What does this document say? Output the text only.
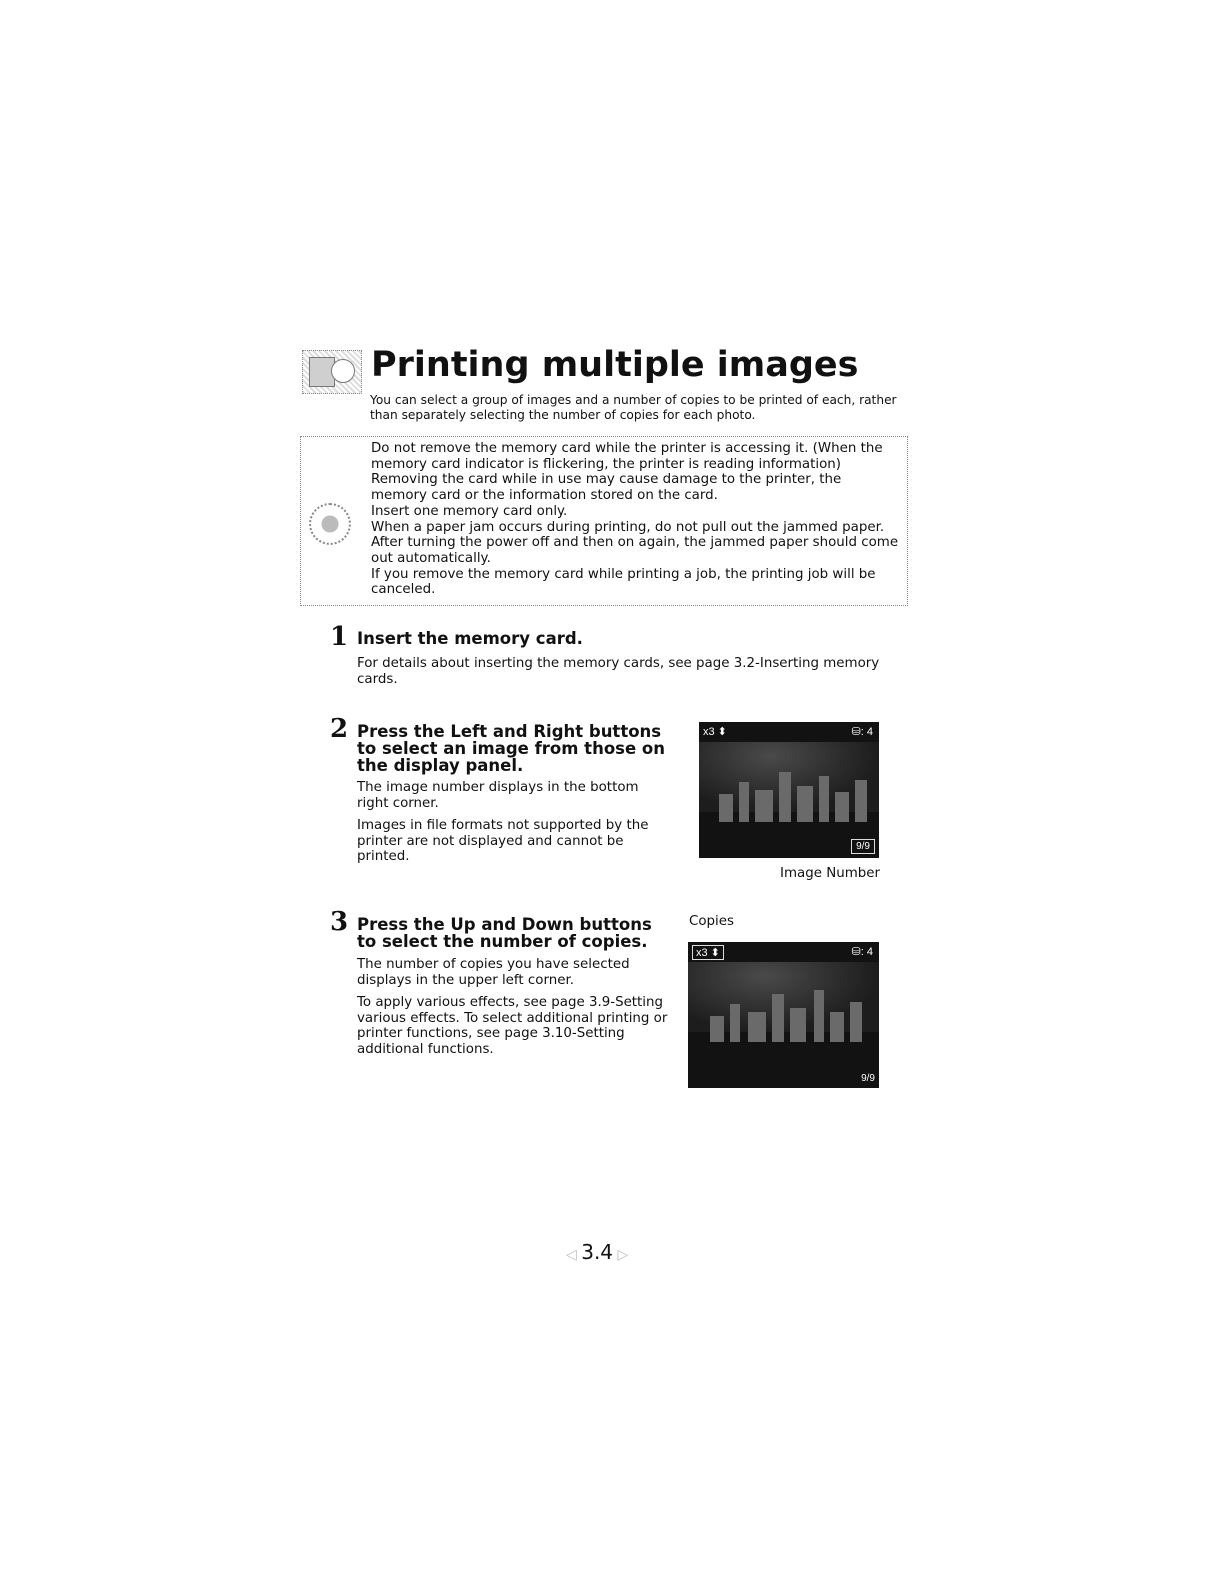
Printing multiple images

You can select a group of images and a number of copies to be printed of each, rather than separately selecting the number of copies for each photo.

Do not remove the memory card while the printer is accessing it. (When the memory card indicator is flickering, the printer is reading information) Removing the card while in use may cause damage to the printer, the memory card or the information stored on the card.
Insert one memory card only.
When a paper jam occurs during printing, do not pull out the jammed paper. After turning the power off and then on again, the jammed paper should come out automatically.
If you remove the memory card while printing a job, the printing job will be canceled.

1 Insert the memory card.

For details about inserting the memory cards, see page 3.2-Inserting memory cards.

2 Press the Left and Right buttons to select an image from those on the display panel.

The image number displays in the bottom right corner.

Images in file formats not supported by the printer are not displayed and cannot be printed.

x3 ⬍	⛁: 4
9/9

Image Number

3 Press the Up and Down buttons to select the number of copies.

The number of copies you have selected displays in the upper left corner.

To apply various effects, see page 3.9-Setting various effects. To select additional printing or printer functions, see page 3.10-Setting additional functions.

Copies

x3 ⬍	⛁: 4
9/9
◁ 3.4 ▷
